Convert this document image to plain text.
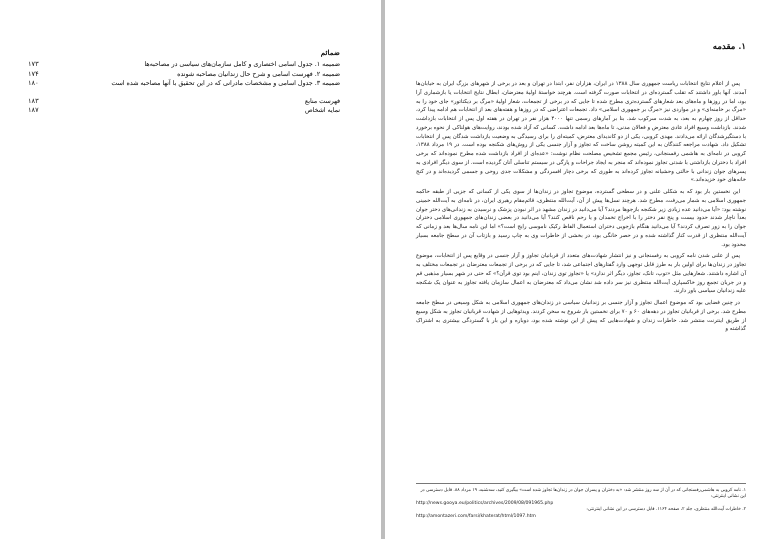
ضمائم
ضمیمه ۱. جدول اسامی اختصاری و کامل سازمان‌های سیاسی در مصاحبه‌ها
۱۷۳
ضمیمه ۲. فهرست اسامی و شرح حال زندانیان مصاحبه شونده
۱۷۴
ضمیمه ۳. جدول اسامی و مشخصات مادرانی که در این تحقیق با آنها مصاحبه شده است
۱۸۰
فهرست منابع
۱۸۳
نمایه اشخاص
۱۸۷
۱. مقدمه

پس از اعلام نتایج انتخابات ریاست جمهوری سال ۱۳۸۸ در ایران، هزاران نفر، ابتدا در تهران و بعد در برخی از شهرهای بزرگ ایران به خیابان‌ها آمدند. آنها باور داشتند که تقلب گسترده‌ای در انتخابات صورت گرفته است. هرچند خواستهٔ اولیهٔ معترضان، ابطال نتایج انتخابات یا بازشماری آرا بود، اما در روزها و ماه‌های بعد شعارهای گسترده‌تری مطرح شده تا جایی که در برخی از تجمعات، شعار اولیهٔ «مرگ بر دیکتاتور» جای خود را به «مرگ بر خامنه‌ای» و در مواردی نیز «مرگ بر جمهوری اسلامی» داد. تجمعات اعتراضی که در روزها و هفته‌های بعد از انتخابات هم ادامه پیدا کرد، حداقل از روز چهارم به بعد، به شدت سرکوب شد. بنا بر آمارهای رسمی تنها ۴۰۰۰ هزار نفر در تهران در هفته اول پس از انتخابات بازداشت شدند. بازداشت وسیع افراد عادی معترض و فعالان مدنی، تا ماه‌ها بعد ادامه داشت. کسانی که آزاد شده بودند، روایت‌های هولناکی از نحوه برخورد با دستگیرشدگان ارائه می‌دادند. مهدی کروبی، یکی از دو کاندیدای معترض، کمیته‌ای را برای رسیدگی به وضعیت بازداشت شدگان پس از انتخابات تشکیل داد. شهادت مراجعه کنندگان به این کمیته روشن ساخت که تجاوز و آزار جنسی یکی از روش‌های شکنجه بوده است. در ۱۹ مرداد ۱۳۸۸، کروبی در نامه‌ای به هاشمی رفسنجانی، رئیس مجمع تشخیص مصلحت نظام نوشت: «عده‌ای از افراد بازداشت شده مطرح نموده‌اند که برخی افراد با دختران بازداشتی با شدتی تجاوز نموده‌اند که منجر به ایجاد جراحات و پارگی در سیستم تناسلی آنان گردیده است. از سوی دیگر افرادی به پسرهای جوان زندانی با حالتی وحشیانه تجاوز کرده‌اند به طوری که برخی دچار افسردگی و مشکلات جدی روحی و جسمی گردیده‌اند و در کنج خانه‌های خود خزیده‌اند.»

این نخستین بار بود که به شکلی علنی و در سطحی گسترده، موضوع تجاوز در زندان‌ها از سوی یکی از کسانی که جزیی از طبقه حاکمه جمهوری اسلامی به شمار می‌رفت، مطرح شد. هرچند نسل‌ها پیش از آن، آیت‌الله منتظری، قائم‌مقام رهبری ایران، در نامه‌ای به آیت‌الله خمینی نوشته بود: «آیا می‌دانید عده زیادی زیر شکنجه بازجوها مردند؟ آیا می‌دانید در زندان مشهد در اثر نبودن پزشک و نرسیدن به زندانی‌های دختر جوان بعداً ناچار شدند حدود بیست و پنج نفر دختر را با اخراج تخمدان و یا رحم ناقص کنند؟ آیا می‌دانید در بعضی زندان‌های جمهوری اسلامی دختران جوان را به زور تصرف کردند؟ آیا می‌دانید هنگام بازجویی دختران استعمال الفاظ رکیک ناموسی رایج است؟» اما این نامه سال‌ها بعد و زمانی که آیت‌الله منتظری از قدرت کنار گذاشته شده و در حصر خانگی بود، در بخشی از خاطرات وی به چاپ رسید و بازتاب آن در سطح جامعه بسیار محدود بود.

پس از علنی شدن نامه کروبی به رفسنجانی و نیز انتشار شهادت‌های متعدد از قربانیان تجاوز و آزار جنسی در وقایع پس از انتخابات، موضوع تجاوز در زندان‌ها برای اولین بار به طرز قابل توجهی وارد گفتارهای اجتماعی شد، تا جایی که در برخی از تجمعات معترضان در تجمعات مختلف به آن اشاره داشتند. شعارهایی مثل «توپ، تانک، تجاوز، دیگر اثر ندارد» یا «تجاوز توی زندان، اینم بود توی قرآن؟» که حتی در شهر بسیار مذهبی قم و در جریان تجمع روز خاکسپاری آیت‌الله منتظری نیز سر داده شد نشان می‌داد که معترضان به اعمال سازمان یافته تجاوز به عنوان یک شکنجه علیه زندانیان سیاسی باور دارند.

در چنین فضایی بود که موضوع اعمال تجاوز و آزار جنسی بر زندانیان سیاسی در زندان‌های جمهوری اسلامی به شکل وسیعی در سطح جامعه مطرح شد. برخی از قربانیان تجاوز در دهه‌های ۶۰ و ۷۰ برای نخستین بار شروع به سخن کردند. ویدئوهایی از شهادت قربانیان تجاوز به شکل وسیع از طریق اینترنت منتشر شد. خاطرات زندان و شهادت‌هایی که پیش از این نوشته شده بود، دوباره و این بار با گستردگی بیشتری به اشتراک گذاشته و

۱. نامه کروبی به هاشمی‌رفسنجانی که در آن از سه روز منتشر شد: «به دختران و پسران جوان در زندان‌ها تجاوز شده است» بیگیری کنید، سه‌شنبه، ۱۹ مرداد ۸۸. قابل دسترسی در این نشانی اینترنتی:
http://news.gooya.eu/politics/archives/2009/08/091965.php
۲. خاطرات آیت‌الله منتظری، جلد ۲، صفحه ۱۱۶۴. قابل دسترسی در این نشانی اینترنتی:
http://amontazeri.com/farsi/khaterat/html/1097.htm
